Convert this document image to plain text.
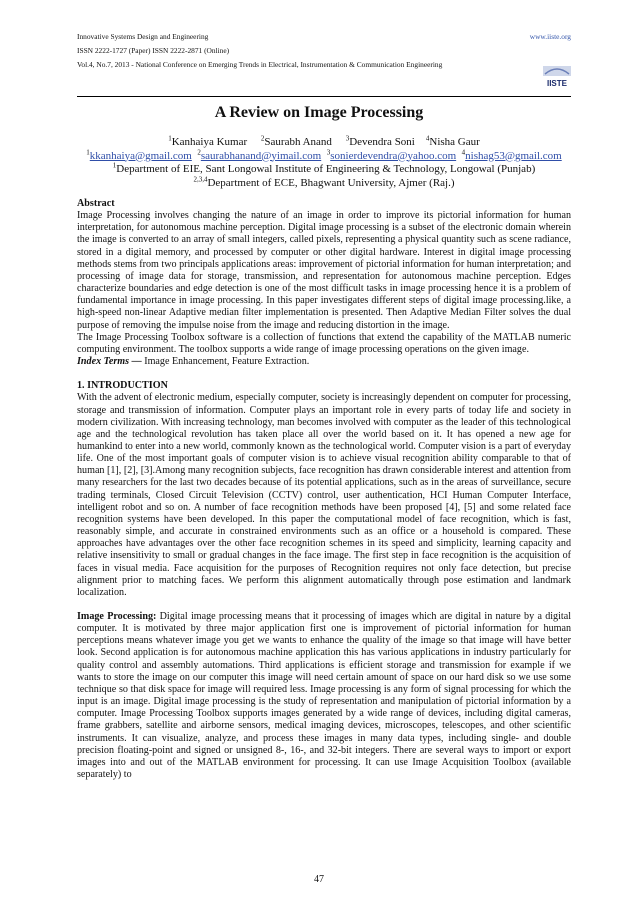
Innovative Systems Design and Engineering	www.iiste.org
ISSN 2222-1727 (Paper) ISSN 2222-2871 (Online)
Vol.4, No.7, 2013 - National Conference on Emerging Trends in Electrical, Instrumentation & Communication Engineering
IISTE
A Review on Image Processing
$^1$Kanhaiya Kumar $^2$Saurabh Anand $^3$Devendra Soni $^4$Nisha Gaur
$^1$kkanhaiya@gmail.com $^2$saurabhanand@yimail.com $^3$sonierdevendra@yahoo.com $^4$nishag53@gmail.com
$^1$Department of EIE, Sant Longowal Institute of Engineering & Technology, Longowal (Punjab)
$^{2,3,4}$Department of ECE, Bhagwant University, Ajmer (Raj.)

Abstract

Image Processing involves changing the nature of an image in order to improve its pictorial information for human interpretation, for autonomous machine perception. Digital image processing is a subset of the electronic domain wherein the image is converted to an array of small integers, called pixels, representing a physical quantity such as scene radiance, stored in a digital memory, and processed by computer or other digital hardware. Interest in digital image processing methods stems from two principals applications areas: improvement of pictorial information for human interpretation; and processing of image data for storage, transmission, and representation for autonomous machine perception. Edges characterize boundaries and edge detection is one of the most difficult tasks in image processing hence it is a problem of fundamental importance in image processing. In this paper investigates different steps of digital image processing.like, a high-speed non-linear Adaptive median filter implementation is presented. Then Adaptive Median Filter solves the dual purpose of removing the impulse noise from the image and reducing distortion in the image.

The Image Processing Toolbox software is a collection of functions that extend the capability of the MATLAB numeric computing environment. The toolbox supports a wide range of image processing operations on the given image.

Index Terms — Image Enhancement, Feature Extraction.

1. INTRODUCTION

With the advent of electronic medium, especially computer, society is increasingly dependent on computer for processing, storage and transmission of information. Computer plays an important role in every parts of today life and society in modern civilization. With increasing technology, man becomes involved with computer as the leader of this technological age and the technological revolution has taken place all over the world based on it. It has opened a new age for humankind to enter into a new world, commonly known as the technological world. Computer vision is a part of everyday life. One of the most important goals of computer vision is to achieve visual recognition ability comparable to that of human [1], [2], [3].Among many recognition subjects, face recognition has drawn considerable interest and attention from many researchers for the last two decades because of its potential applications, such as in the areas of surveillance, secure trading terminals, Closed Circuit Television (CCTV) control, user authentication, HCI Human Computer Interface, intelligent robot and so on. A number of face recognition methods have been proposed [4], [5] and some related face recognition systems have been developed. In this paper the computational model of face recognition, which is fast, reasonably simple, and accurate in constrained environments such as an office or a household is compared. These approaches have advantages over the other face recognition schemes in its speed and simplicity, learning capacity and relative insensitivity to small or gradual changes in the face image. The first step in face recognition is the acquisition of faces in visual media. Face acquisition for the purposes of Recognition requires not only face detection, but precise alignment prior to matching faces. We perform this alignment automatically through pose estimation and landmark localization.

Image Processing: Digital image processing means that it processing of images which are digital in nature by a digital computer. It is motivated by three major application first one is improvement of pictorial information for human perceptions means whatever image you get we wants to enhance the quality of the image so that image will have better look. Second application is for autonomous machine application this has various applications in industry particularly for quality control and assembly automations. Third applications is efficient storage and transmission for example if we wants to store the image on our computer this image will need certain amount of space on our hard disk so we use some technique so that disk space for image will required less. Image processing is any form of signal processing for which the input is an image. Digital image processing is the study of representation and manipulation of pictorial information by a computer. Image Processing Toolbox supports images generated by a wide range of devices, including digital cameras, frame grabbers, satellite and airborne sensors, medical imaging devices, microscopes, telescopes, and other scientific instruments. It can visualize, analyze, and process these images in many data types, including single- and double precision floating-point and signed or unsigned 8-, 16-, and 32-bit integers. There are several ways to import or export images into and out of the MATLAB environment for processing. It can use Image Acquisition Toolbox (available separately) to

47
